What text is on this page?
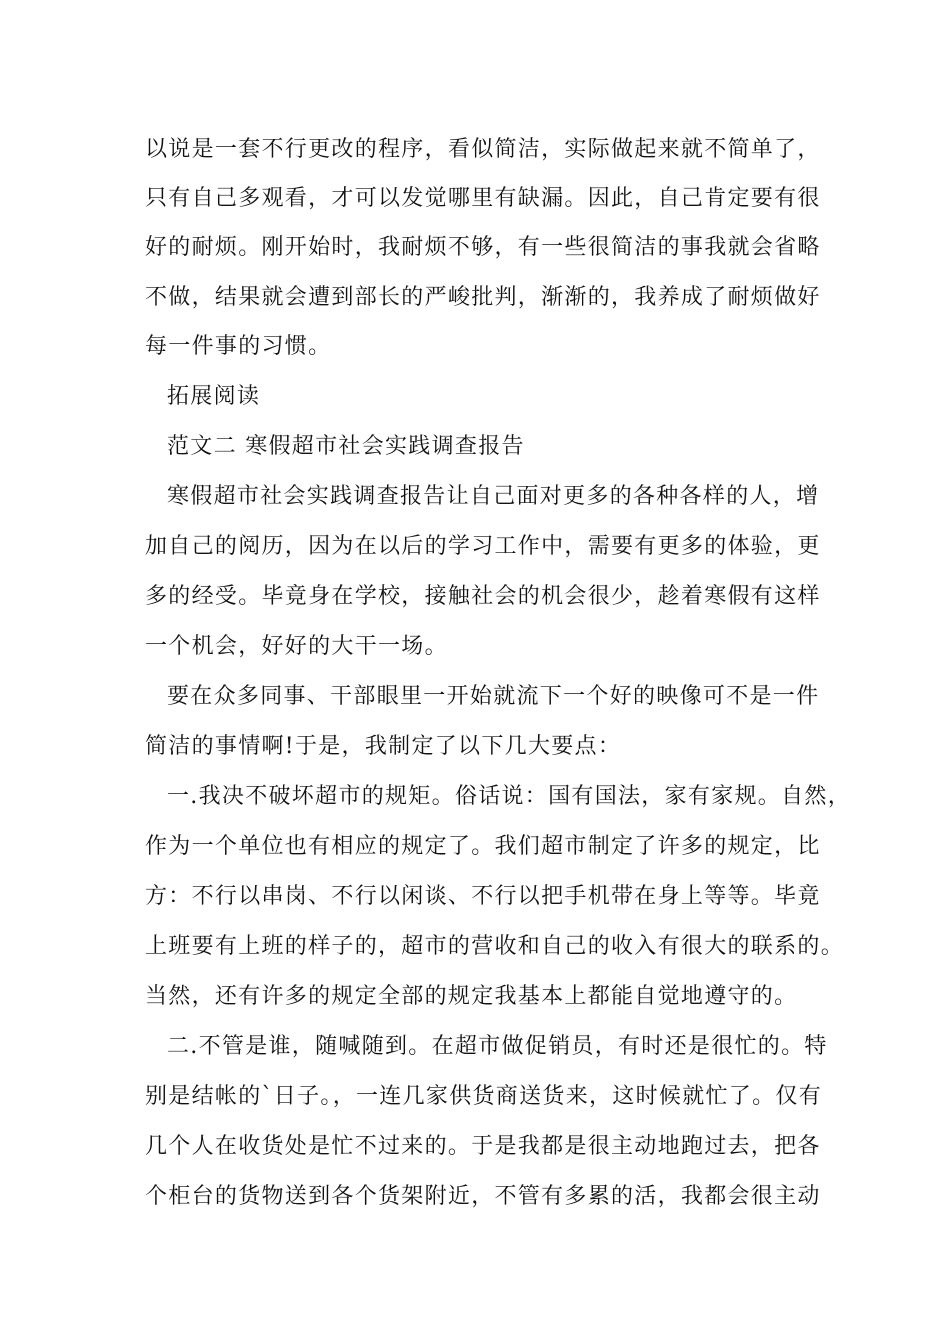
以说是一套不行更改的程序，看似简洁，实际做起来就不简单了，
只有自己多观看，才可以发觉哪里有缺漏。因此，自己肯定要有很
好的耐烦。刚开始时，我耐烦不够，有一些很简洁的事我就会省略
不做，结果就会遭到部长的严峻批判，渐渐的，我养成了耐烦做好
每一件事的习惯。
拓展阅读
范文二 寒假超市社会实践调查报告
寒假超市社会实践调查报告让自己面对更多的各种各样的人，增
加自己的阅历，因为在以后的学习工作中，需要有更多的体验，更
多的经受。毕竟身在学校，接触社会的机会很少，趁着寒假有这样
一个机会，好好的大干一场。
要在众多同事、干部眼里一开始就流下一个好的映像可不是一件
简洁的事情啊!于是，我制定了以下几大要点：
一.我决不破坏超市的规矩。俗话说：国有国法，家有家规。自然，
作为一个单位也有相应的规定了。我们超市制定了许多的规定，比
方：不行以串岗、不行以闲谈、不行以把手机带在身上等等。毕竟
上班要有上班的样子的，超市的营收和自己的收入有很大的联系的。
当然，还有许多的规定全部的规定我基本上都能自觉地遵守的。
二.不管是谁，随喊随到。在超市做促销员，有时还是很忙的。特
别是结帐的`日子。，一连几家供货商送货来，这时候就忙了。仅有
几个人在收货处是忙不过来的。于是我都是很主动地跑过去，把各
个柜台的货物送到各个货架附近，不管有多累的活，我都会很主动
